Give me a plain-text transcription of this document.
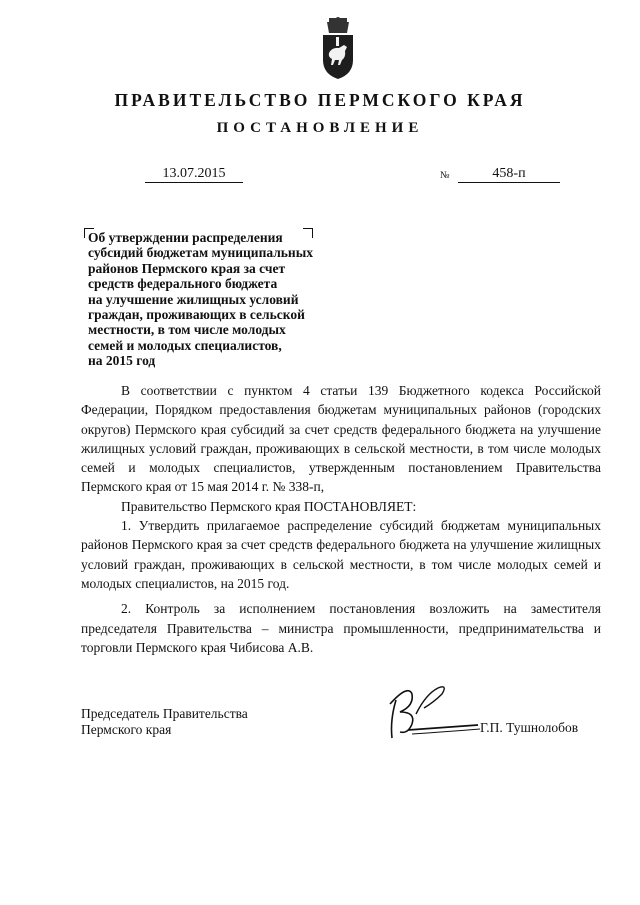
ПРАВИТЕЛЬСТВО ПЕРМСКОГО КРАЯ
ПОСТАНОВЛЕНИЕ
13.07.2015	№	458-п
Об утверждении распределения
субсидий бюджетам муниципальных
районов Пермского края за счет
средств федерального бюджета
на улучшение жилищных условий
граждан, проживающих в сельской
местности, в том числе молодых
семей и молодых специалистов,
на 2015 год

В соответствии с пунктом 4 статьи 139 Бюджетного кодекса Российской Федерации, Порядком предоставления бюджетам муниципальных районов (городских округов) Пермского края субсидий за счет средств федерального бюджета на улучшение жилищных условий граждан, проживающих в сельской местности, в том числе молодых семей и молодых специалистов, утвержденным постановлением Правительства Пермского края от 15 мая 2014 г. № 338-п,

Правительство Пермского края ПОСТАНОВЛЯЕТ:

1. Утвердить прилагаемое распределение субсидий бюджетам муниципальных районов Пермского края за счет средств федерального бюджета на улучшение жилищных условий граждан, проживающих в сельской местности, в том числе молодых семей и молодых специалистов, на 2015 год.

2. Контроль за исполнением постановления возложить на заместителя председателя Правительства – министра промышленности, предпринимательства и торговли Пермского края Чибисова А.В.

Председатель Правительства
Пермского края	Г.П. Тушнолобов
